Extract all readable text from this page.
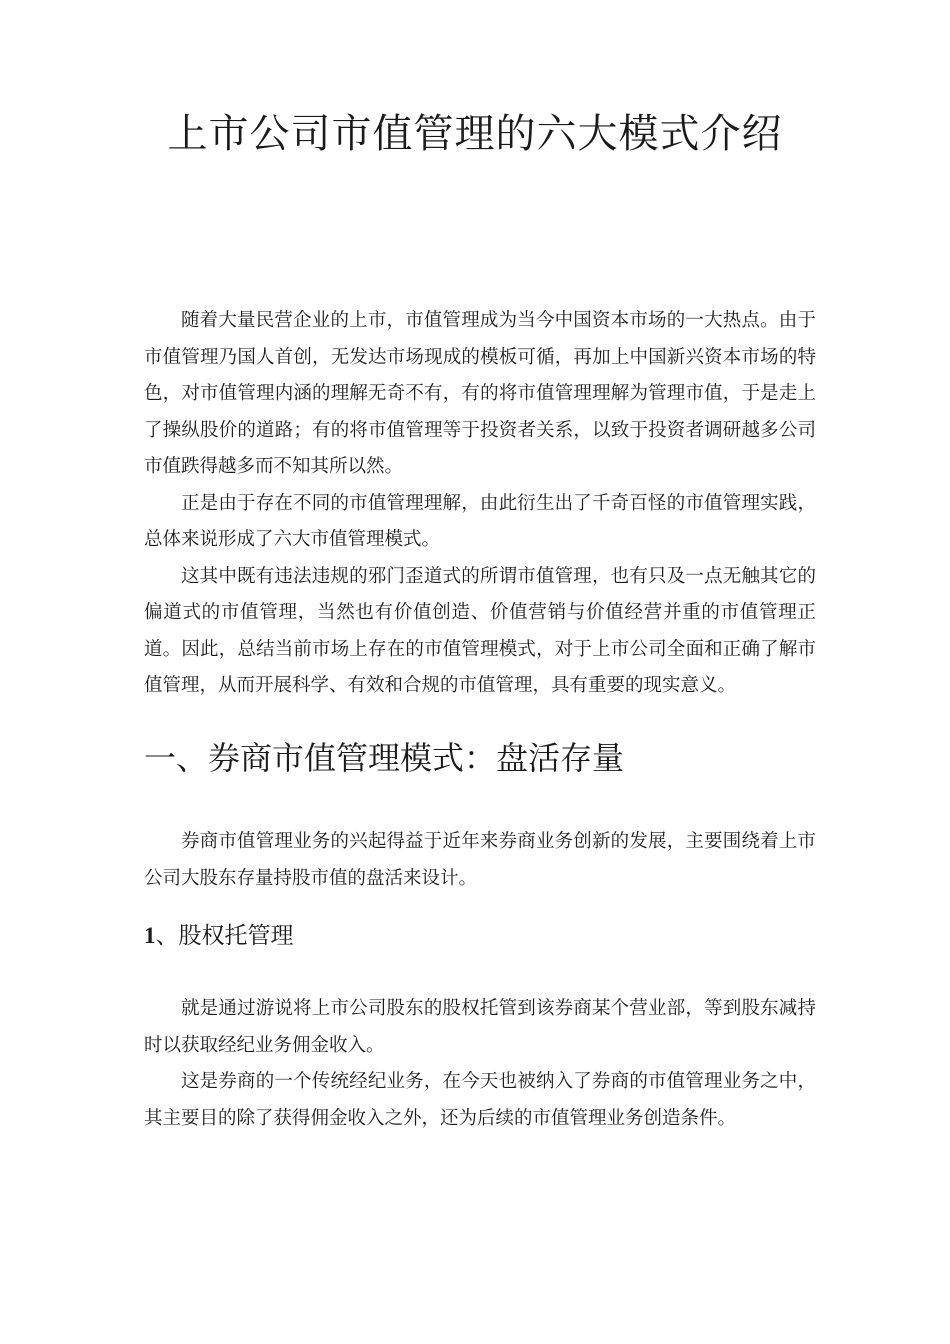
上市公司市值管理的六大模式介绍

随着大量民营企业的上市，市值管理成为当今中国资本市场的一大热点。由于市值管理乃国人首创，无发达市场现成的模板可循，再加上中国新兴资本市场的特色，对市值管理内涵的理解无奇不有，有的将市值管理理解为管理市值，于是走上了操纵股价的道路；有的将市值管理等于投资者关系，以致于投资者调研越多公司市值跌得越多而不知其所以然。

正是由于存在不同的市值管理理解，由此衍生出了千奇百怪的市值管理实践，总体来说形成了六大市值管理模式。

这其中既有违法违规的邪门歪道式的所谓市值管理，也有只及一点无触其它的偏道式的市值管理，当然也有价值创造、价值营销与价值经营并重的市值管理正道。因此，总结当前市场上存在的市值管理模式，对于上市公司全面和正确了解市值管理，从而开展科学、有效和合规的市值管理，具有重要的现实意义。

一、券商市值管理模式：盘活存量

券商市值管理业务的兴起得益于近年来券商业务创新的发展，主要围绕着上市公司大股东存量持股市值的盘活来设计。

1、股权托管理

就是通过游说将上市公司股东的股权托管到该券商某个营业部，等到股东减持时以获取经纪业务佣金收入。

这是券商的一个传统经纪业务，在今天也被纳入了券商的市值管理业务之中，其主要目的除了获得佣金收入之外，还为后续的市值管理业务创造条件。
